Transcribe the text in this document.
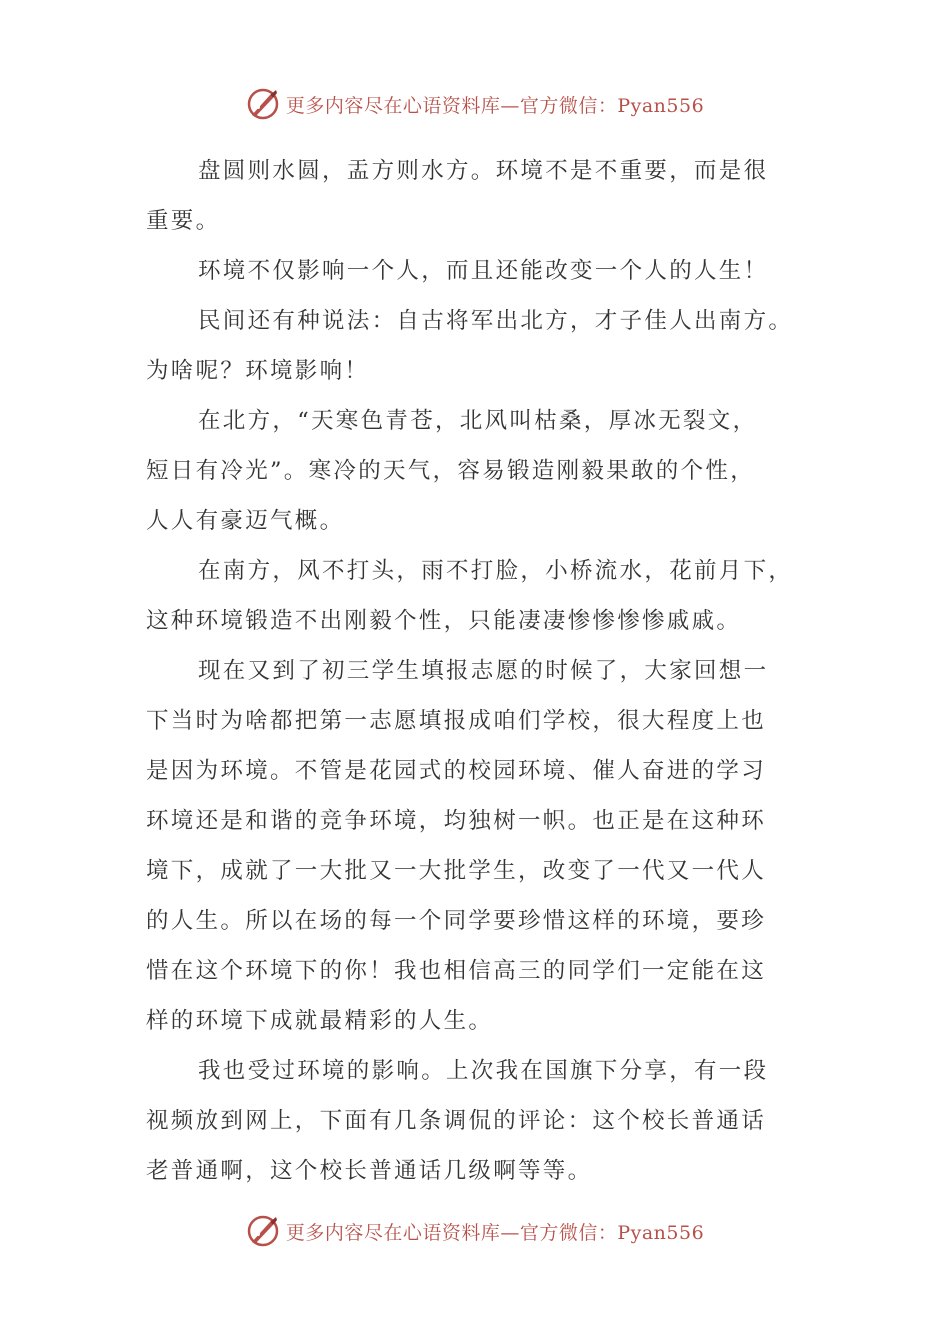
更多内容尽在心语资料库—官方微信：Pyan556
盘圆则水圆，盂方则水方。环境不是不重要，而是很
重要。
环境不仅影响一个人，而且还能改变一个人的人生！
民间还有种说法：自古将军出北方，才子佳人出南方。
为啥呢？环境影响！
在北方，“天寒色青苍，北风叫枯桑，厚冰无裂文，
短日有冷光”。寒冷的天气，容易锻造刚毅果敢的个性，
人人有豪迈气概。
在南方，风不打头，雨不打脸，小桥流水，花前月下，
这种环境锻造不出刚毅个性，只能凄凄惨惨惨惨戚戚。
现在又到了初三学生填报志愿的时候了，大家回想一
下当时为啥都把第一志愿填报成咱们学校，很大程度上也
是因为环境。不管是花园式的校园环境、催人奋进的学习
环境还是和谐的竞争环境，均独树一帜。也正是在这种环
境下，成就了一大批又一大批学生，改变了一代又一代人
的人生。所以在场的每一个同学要珍惜这样的环境，要珍
惜在这个环境下的你！我也相信高三的同学们一定能在这
样的环境下成就最精彩的人生。
我也受过环境的影响。上次我在国旗下分享，有一段
视频放到网上，下面有几条调侃的评论：这个校长普通话
老普通啊，这个校长普通话几级啊等等。
更多内容尽在心语资料库—官方微信：Pyan556
